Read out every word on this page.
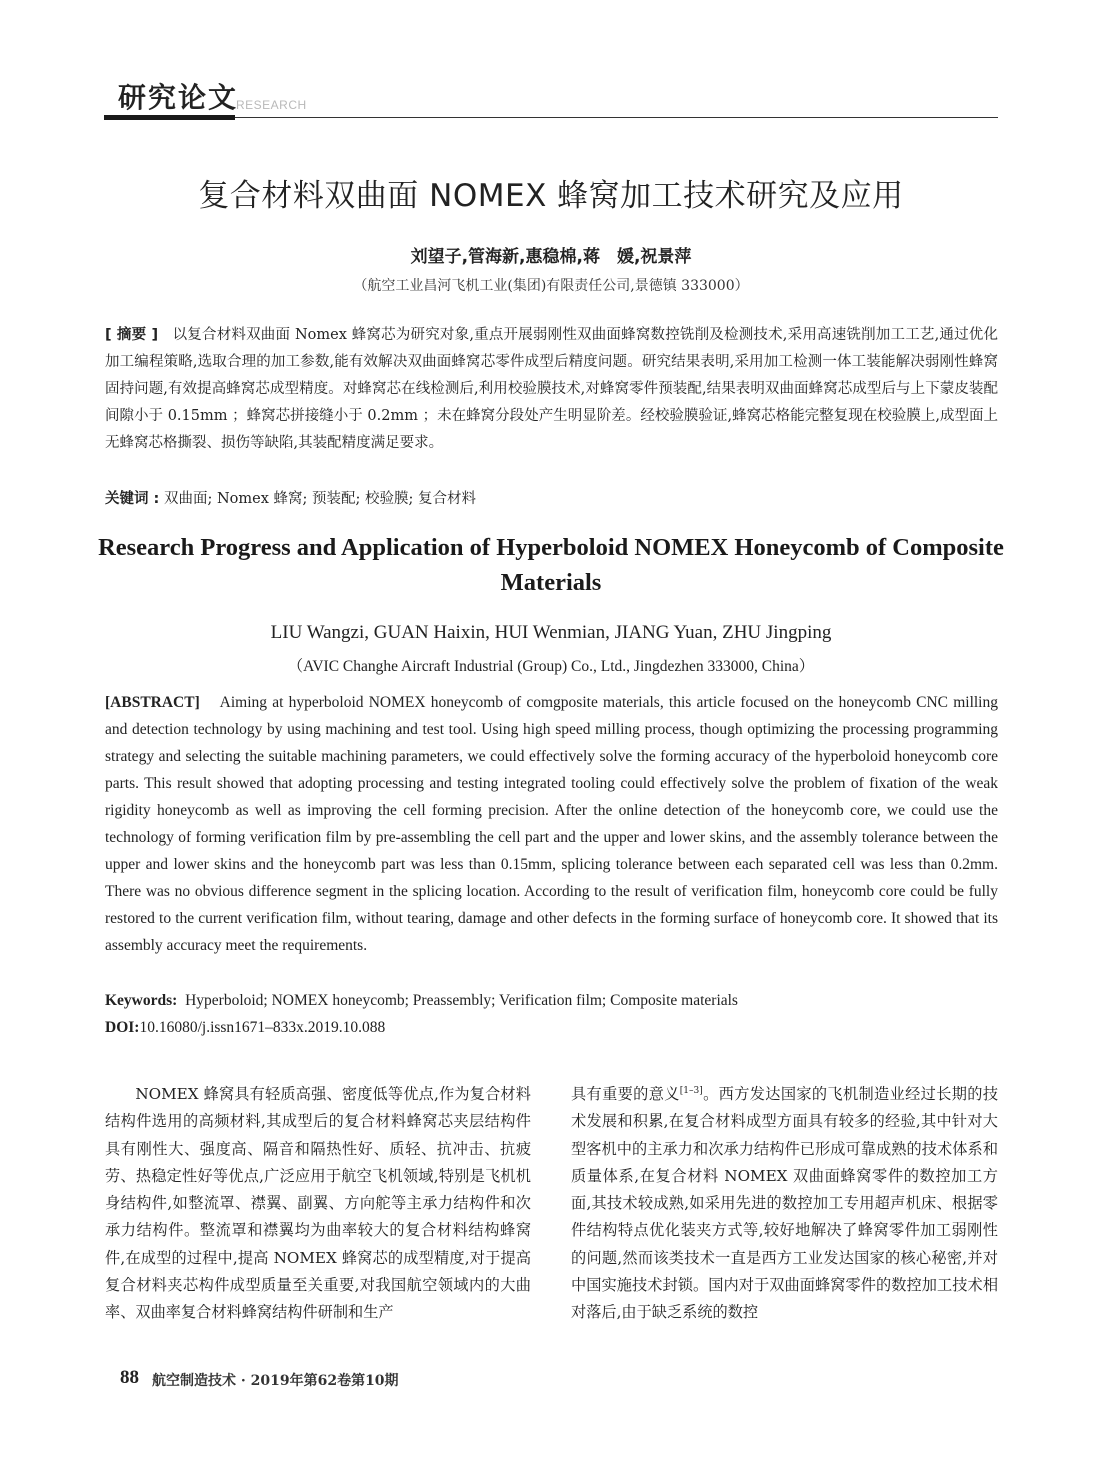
研究论文
RESEARCH
复合材料双曲面 NOMEX 蜂窝加工技术研究及应用
刘望子,管海新,惠稳棉,蒋　媛,祝景萍
（航空工业昌河飞机工业(集团)有限责任公司,景德镇 333000）
[ 摘要 ] 以复合材料双曲面 Nomex 蜂窝芯为研究对象,重点开展弱刚性双曲面蜂窝数控铣削及检测技术,采用高速铣削加工工艺,通过优化加工编程策略,选取合理的加工参数,能有效解决双曲面蜂窝芯零件成型后精度问题。研究结果表明,采用加工检测一体工装能解决弱刚性蜂窝固持问题,有效提高蜂窝芯成型精度。对蜂窝芯在线检测后,利用校验膜技术,对蜂窝零件预装配,结果表明双曲面蜂窝芯成型后与上下蒙皮装配间隙小于 0.15mm ；蜂窝芯拼接缝小于 0.2mm ；未在蜂窝分段处产生明显阶差。经校验膜验证,蜂窝芯格能完整复现在校验膜上,成型面上无蜂窝芯格撕裂、损伤等缺陷,其装配精度满足要求。
关键词 : 双曲面; Nomex 蜂窝; 预装配; 校验膜; 复合材料
Research Progress and Application of Hyperboloid NOMEX Honeycomb of Composite Materials
LIU Wangzi, GUAN Haixin, HUI Wenmian, JIANG Yuan, ZHU Jingping
（AVIC Changhe Aircraft Industrial (Group) Co., Ltd., Jingdezhen 333000, China）
[ABSTRACT] Aiming at hyperboloid NOMEX honeycomb of comgposite materials, this article focused on the honeycomb CNC milling and detection technology by using machining and test tool. Using high speed milling process, though optimizing the processing programming strategy and selecting the suitable machining parameters, we could effectively solve the forming accuracy of the hyperboloid honeycomb core parts. This result showed that adopting processing and testing integrated tooling could effectively solve the problem of fixation of the weak rigidity honeycomb as well as improving the cell forming precision. After the online detection of the honeycomb core, we could use the technology of forming verification film by pre-assembling the cell part and the upper and lower skins, and the assembly tolerance between the upper and lower skins and the honeycomb part was less than 0.15mm, splicing tolerance between each separated cell was less than 0.2mm. There was no obvious difference segment in the splicing location. According to the result of verification film, honeycomb core could be fully restored to the current verification film, without tearing, damage and other defects in the forming surface of honeycomb core. It showed that its assembly accuracy meet the requirements.
Keywords: Hyperboloid; NOMEX honeycomb; Preassembly; Verification film; Composite materials
DOI:10.16080/j.issn1671–833x.2019.10.088
NOMEX 蜂窝具有轻质高强、密度低等优点,作为复合材料结构件选用的高频材料,其成型后的复合材料蜂窝芯夹层结构件具有刚性大、强度高、隔音和隔热性好、质轻、抗冲击、抗疲劳、热稳定性好等优点,广泛应用于航空飞机领域,特别是飞机机身结构件,如整流罩、襟翼、副翼、方向舵等主承力结构件和次承力结构件。整流罩和襟翼均为曲率较大的复合材料结构蜂窝件,在成型的过程中,提高 NOMEX 蜂窝芯的成型精度,对于提高复合材料夹芯构件成型质量至关重要,对我国航空领域内的大曲率、双曲率复合材料蜂窝结构件研制和生产
具有重要的意义[1–3]。西方发达国家的飞机制造业经过长期的技术发展和积累,在复合材料成型方面具有较多的经验,其中针对大型客机中的主承力和次承力结构件已形成可靠成熟的技术体系和质量体系,在复合材料 NOMEX 双曲面蜂窝零件的数控加工方面,其技术较成熟,如采用先进的数控加工专用超声机床、根据零件结构特点优化装夹方式等,较好地解决了蜂窝零件加工弱刚性的问题,然而该类技术一直是西方工业发达国家的核心秘密,并对中国实施技术封锁。国内对于双曲面蜂窝零件的数控加工技术相对落后,由于缺乏系统的数控
88 航空制造技术 · 2019年第62卷第10期
